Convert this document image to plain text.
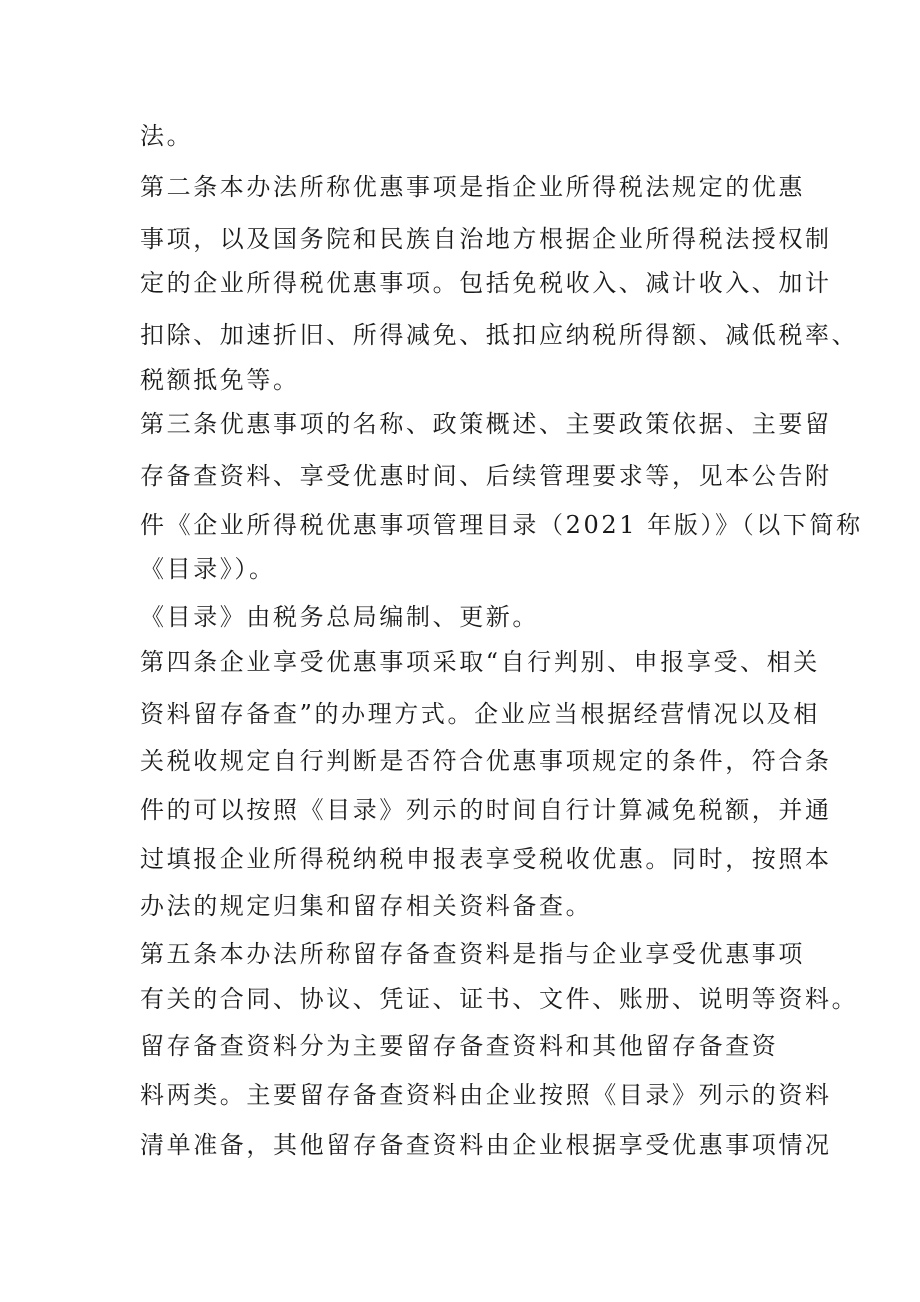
法。
第二条本办法所称优惠事项是指企业所得税法规定的优惠
事项，以及国务院和民族自治地方根据企业所得税法授权制
定的企业所得税优惠事项。包括免税收入、减计收入、加计
扣除、加速折旧、所得减免、抵扣应纳税所得额、减低税率、
税额抵免等。
第三条优惠事项的名称、政策概述、主要政策依据、主要留
存备查资料、享受优惠时间、后续管理要求等，见本公告附
件《企业所得税优惠事项管理目录（2021 年版）》（以下简称
《目录》）。
《目录》由税务总局编制、更新。
第四条企业享受优惠事项采取“自行判别、申报享受、相关
资料留存备查”的办理方式。企业应当根据经营情况以及相
关税收规定自行判断是否符合优惠事项规定的条件，符合条
件的可以按照《目录》列示的时间自行计算减免税额，并通
过填报企业所得税纳税申报表享受税收优惠。同时，按照本
办法的规定归集和留存相关资料备查。
第五条本办法所称留存备查资料是指与企业享受优惠事项
有关的合同、协议、凭证、证书、文件、账册、说明等资料。
留存备查资料分为主要留存备查资料和其他留存备查资
料两类。主要留存备查资料由企业按照《目录》列示的资料
清单准备，其他留存备查资料由企业根据享受优惠事项情况
